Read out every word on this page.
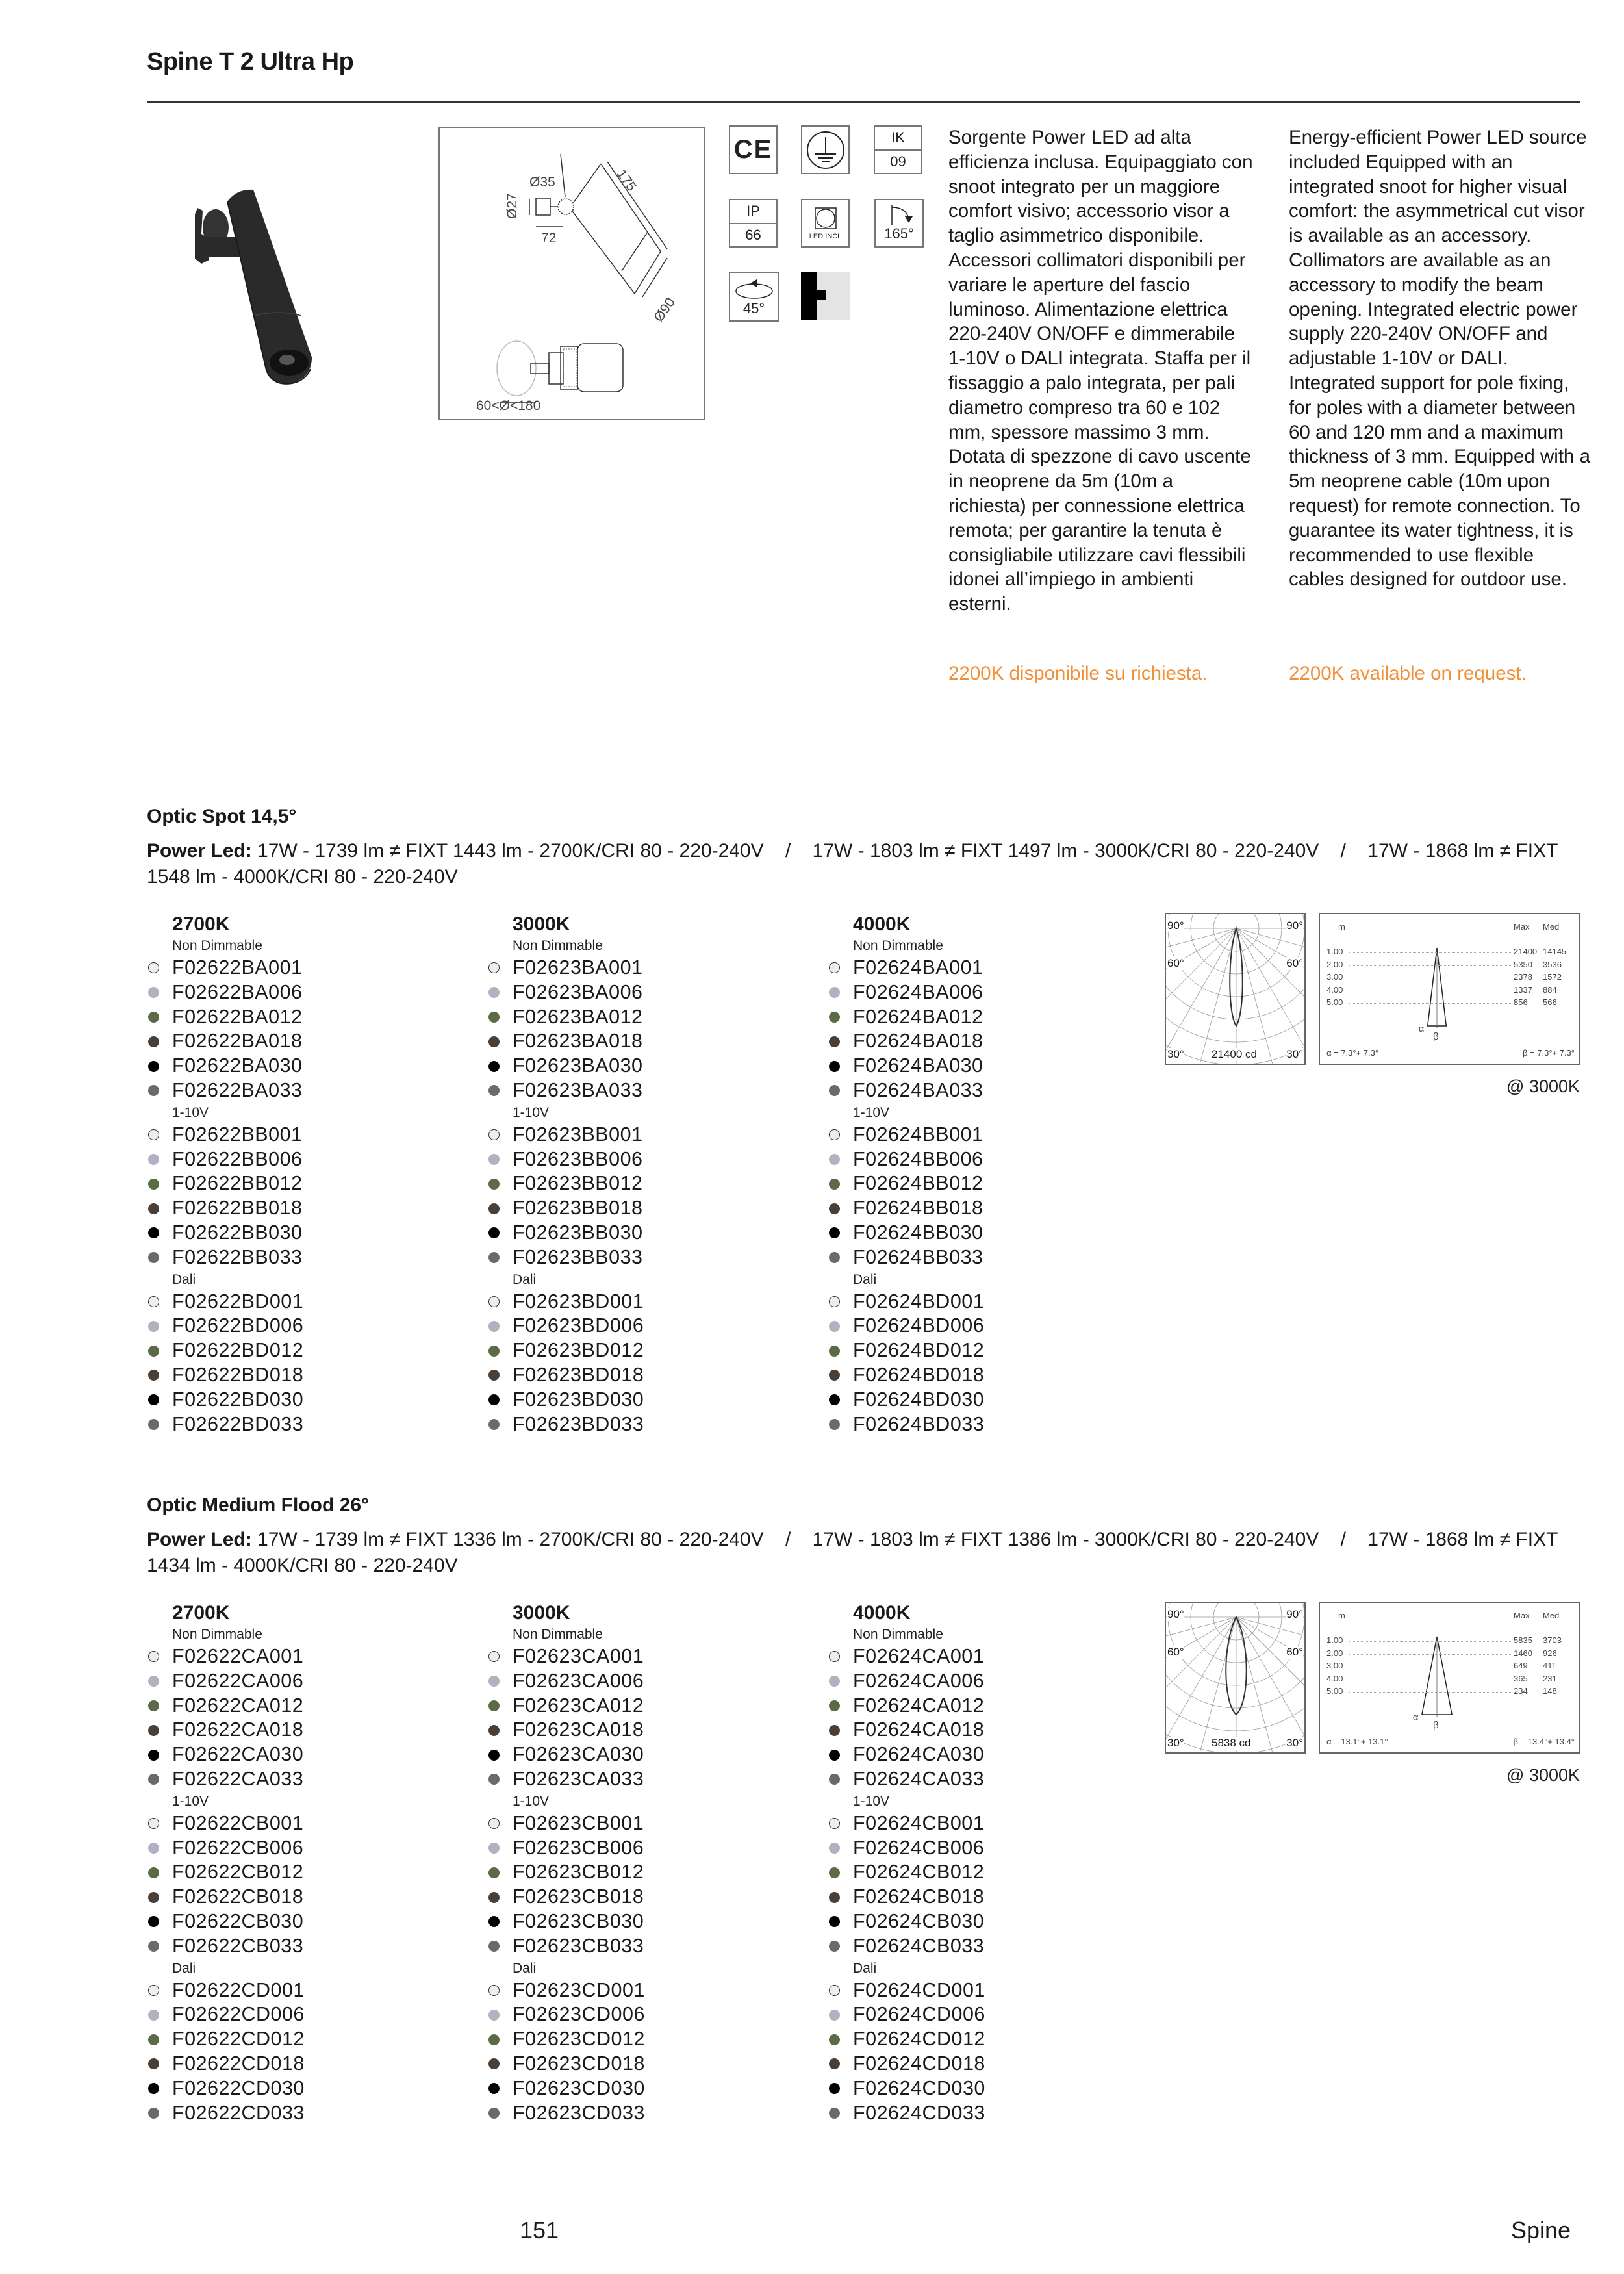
Spine T 2 Ultra Hp
Ø35
Ø27
72
175
Ø90
60<Ø<180
CE	IK
09
IP
66	LED INCL	165°
45°
Sorgente Power LED ad alta efficienza inclusa. Equipaggiato con snoot integrato per un maggiore comfort visivo; accessorio visor a taglio asimmetrico disponibile. Accessori collimatori disponibili per variare le aperture del fascio luminoso. Alimentazione elettrica 220-240V ON/OFF e dimmerabile 1-10V o DALI integrata. Staffa per il fissaggio a palo integrata, per pali diametro compreso tra 60 e 102 mm, spessore massimo 3 mm. Dotata di spezzone di cavo uscente in neoprene da 5m (10m a richiesta) per connessione elettrica remota; per garantire la tenuta è consigliabile utilizzare cavi flessibili idonei all’impiego in ambienti esterni.
Energy-efficient Power LED source included Equipped with an integrated snoot for higher visual comfort: the asymmetrical cut visor is available as an accessory. Collimators are available as an accessory to modify the beam opening. Integrated electric power supply 220-240V ON/OFF and adjustable 1-10V or DALI. Integrated support for pole fixing, for poles with a diameter between 60 and 120 mm and a maximum thickness of 3 mm. Equipped with a 5m neoprene cable (10m upon request) for remote connection. To guarantee its water tightness, it is recommended to use flexible cables designed for outdoor use.
2200K disponibile su richiesta.	2200K available on request.
Optic Spot 14,5°
Power Led: 17W - 1739 lm ≠ FIXT 1443 lm - 2700K/CRI 80 - 220-240V    /    17W - 1803 lm ≠ FIXT 1497 lm - 3000K/CRI 80 - 220-240V    /    17W - 1868 lm ≠ FIXT 1548 lm - 4000K/CRI 80 - 220-240V
2700K
Non Dimmable
F02622BA001
F02622BA006
F02622BA012
F02622BA018
F02622BA030
F02622BA033
1-10V
F02622BB001
F02622BB006
F02622BB012
F02622BB018
F02622BB030
F02622BB033
Dali
F02622BD001
F02622BD006
F02622BD012
F02622BD018
F02622BD030
F02622BD033
3000K
Non Dimmable
F02623BA001
F02623BA006
F02623BA012
F02623BA018
F02623BA030
F02623BA033
1-10V
F02623BB001
F02623BB006
F02623BB012
F02623BB018
F02623BB030
F02623BB033
Dali
F02623BD001
F02623BD006
F02623BD012
F02623BD018
F02623BD030
F02623BD033
4000K
Non Dimmable
F02624BA001
F02624BA006
F02624BA012
F02624BA018
F02624BA030
F02624BA033
1-10V
F02624BB001
F02624BB006
F02624BB012
F02624BB018
F02624BB030
F02624BB033
Dali
F02624BD001
F02624BD006
F02624BD012
F02624BD018
F02624BD030
F02624BD033
90°	90°
60°	60°
30°	30°
21400 cd
m	Max Med
α
β
α = 7.3°+ 7.3°	β = 7.3°+ 7.3°
1.00	21400 14145
2.00	5350 3536
3.00	2378 1572
4.00	1337 884
5.00	856 566
@ 3000K
Optic Medium Flood 26°
Power Led: 17W - 1739 lm ≠ FIXT 1336 lm - 2700K/CRI 80 - 220-240V    /    17W - 1803 lm ≠ FIXT 1386 lm - 3000K/CRI 80 - 220-240V    /    17W - 1868 lm ≠ FIXT 1434 lm - 4000K/CRI 80 - 220-240V
2700K
Non Dimmable
F02622CA001
F02622CA006
F02622CA012
F02622CA018
F02622CA030
F02622CA033
1-10V
F02622CB001
F02622CB006
F02622CB012
F02622CB018
F02622CB030
F02622CB033
Dali
F02622CD001
F02622CD006
F02622CD012
F02622CD018
F02622CD030
F02622CD033
3000K
Non Dimmable
F02623CA001
F02623CA006
F02623CA012
F02623CA018
F02623CA030
F02623CA033
1-10V
F02623CB001
F02623CB006
F02623CB012
F02623CB018
F02623CB030
F02623CB033
Dali
F02623CD001
F02623CD006
F02623CD012
F02623CD018
F02623CD030
F02623CD033
4000K
Non Dimmable
F02624CA001
F02624CA006
F02624CA012
F02624CA018
F02624CA030
F02624CA033
1-10V
F02624CB001
F02624CB006
F02624CB012
F02624CB018
F02624CB030
F02624CB033
Dali
F02624CD001
F02624CD006
F02624CD012
F02624CD018
F02624CD030
F02624CD033
90°	90°
60°	60°
30°	30°
5838 cd
m	Max Med
α
β
α = 13.1°+ 13.1°	β = 13.4°+ 13.4°
1.00	5835 3703
2.00	1460 926
3.00	649 411
4.00	365 231
5.00	234 148
@ 3000K
151	Spine
